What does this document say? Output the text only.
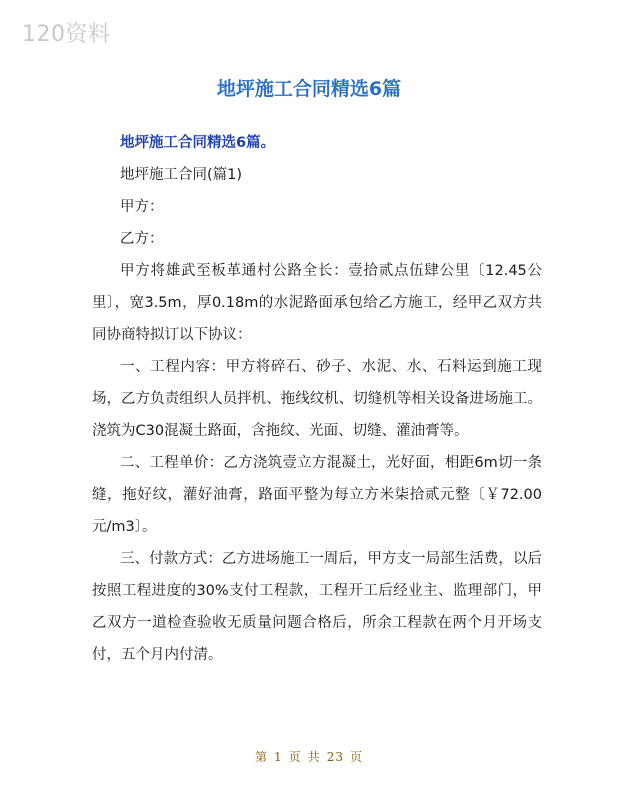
120资料
地坪施工合同精选6篇
地坪施工合同精选6篇。
地坪施工合同(篇1)
甲方：
乙方：
甲方将雄武至板革通村公路全长：壹拾贰点伍肆公里〔12.45公里〕，宽3.5m，厚0.18m的水泥路面承包给乙方施工，经甲乙双方共同协商特拟订以下协议：
一、工程内容：甲方将碎石、砂子、水泥、水、石料运到施工现场，乙方负责组织人员拌机、拖线纹机、切缝机等相关设备进场施工。浇筑为C30混凝土路面，含拖纹、光面、切缝、灌油膏等。
二、工程单价：乙方浇筑壹立方混凝土，光好面，相距6m切一条缝，拖好纹，灌好油膏，路面平整为每立方米柒拾贰元整〔￥72.00元/m3〕。
三、付款方式：乙方进场施工一周后，甲方支一局部生活费，以后按照工程进度的30%支付工程款，工程开工后经业主、监理部门，甲乙双方一道检查验收无质量问题合格后，所余工程款在两个月开场支付，五个月内付清。
第 1 页 共 23 页
